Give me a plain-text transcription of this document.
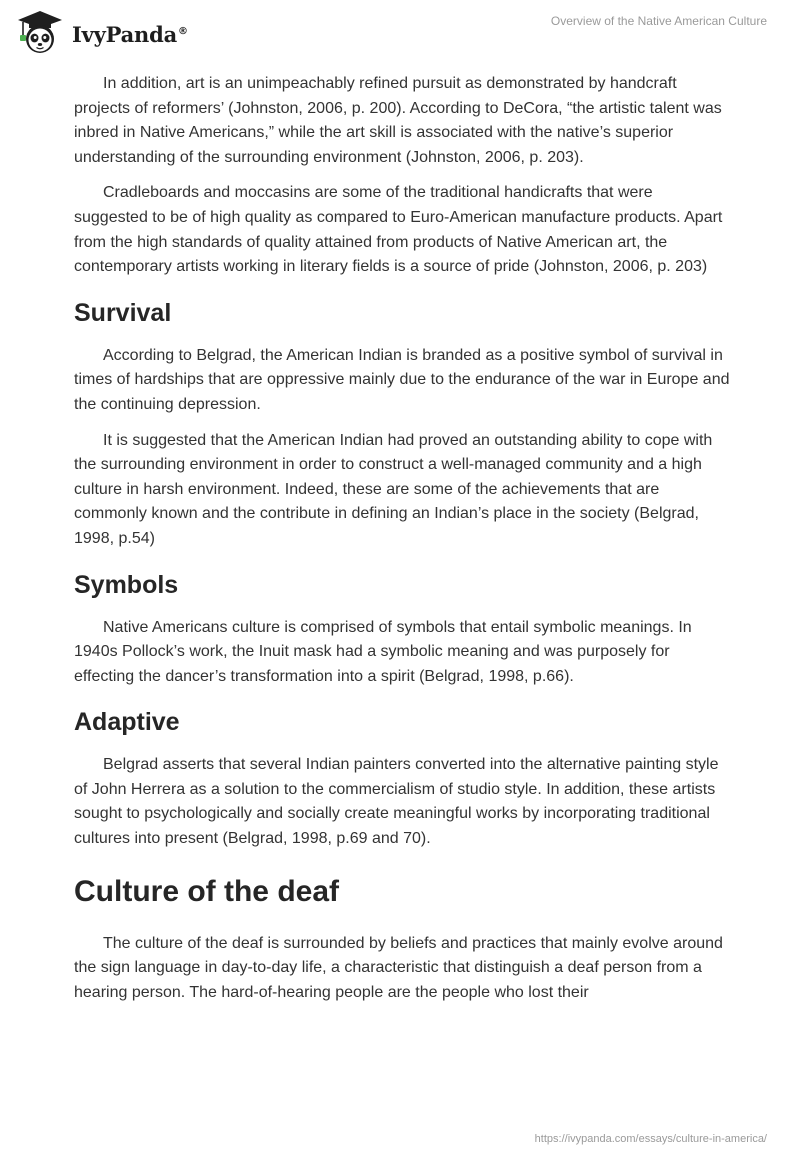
IvyPanda®
Overview of the Native American Culture

In addition, art is an unimpeachably refined pursuit as demonstrated by handcraft projects of reformers’ (Johnston, 2006, p. 200). According to DeCora, “the artistic talent was inbred in Native Americans,” while the art skill is associated with the native’s superior understanding of the surrounding environment (Johnston, 2006, p. 203).

Cradleboards and moccasins are some of the traditional handicrafts that were suggested to be of high quality as compared to Euro-American manufacture products. Apart from the high standards of quality attained from products of Native American art, the contemporary artists working in literary fields is a source of pride (Johnston, 2006, p. 203)

Survival

According to Belgrad, the American Indian is branded as a positive symbol of survival in times of hardships that are oppressive mainly due to the endurance of the war in Europe and the continuing depression.

It is suggested that the American Indian had proved an outstanding ability to cope with the surrounding environment in order to construct a well-managed community and a high culture in harsh environment. Indeed, these are some of the achievements that are commonly known and the contribute in defining an Indian’s place in the society (Belgrad, 1998, p.54)

Symbols

Native Americans culture is comprised of symbols that entail symbolic meanings. In 1940s Pollock’s work, the Inuit mask had a symbolic meaning and was purposely for effecting the dancer’s transformation into a spirit (Belgrad, 1998, p.66).

Adaptive

Belgrad asserts that several Indian painters converted into the alternative painting style of John Herrera as a solution to the commercialism of studio style. In addition, these artists sought to psychologically and socially create meaningful works by incorporating traditional cultures into present (Belgrad, 1998, p.69 and 70).

Culture of the deaf

The culture of the deaf is surrounded by beliefs and practices that mainly evolve around the sign language in day-to-day life, a characteristic that distinguish a deaf person from a hearing person. The hard-of-hearing people are the people who lost their

https://ivypanda.com/essays/culture-in-america/
